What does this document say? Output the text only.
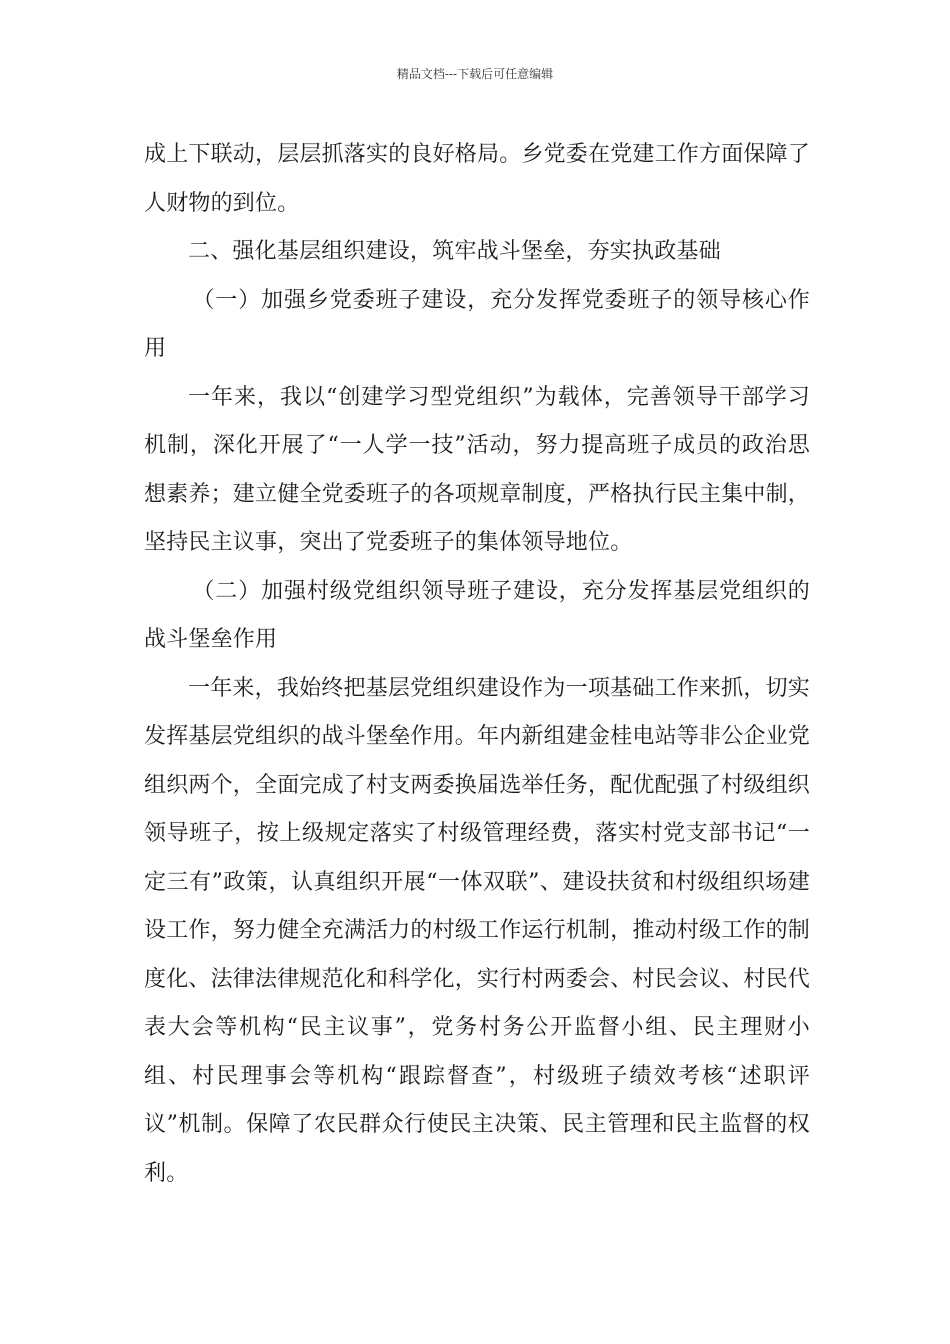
精品文档---下载后可任意编辑

成上下联动，层层抓落实的良好格局。乡党委在党建工作方面保障了人财物的到位。

二、强化基层组织建设，筑牢战斗堡垒，夯实执政基础

（一）加强乡党委班子建设，充分发挥党委班子的领导核心作用

一年来，我以“创建学习型党组织”为载体，完善领导干部学习机制，深化开展了“一人学一技”活动，努力提高班子成员的政治思想素养；建立健全党委班子的各项规章制度，严格执行民主集中制，坚持民主议事，突出了党委班子的集体领导地位。

（二）加强村级党组织领导班子建设，充分发挥基层党组织的战斗堡垒作用

一年来，我始终把基层党组织建设作为一项基础工作来抓，切实发挥基层党组织的战斗堡垒作用。年内新组建金桂电站等非公企业党组织两个，全面完成了村支两委换届选举任务，配优配强了村级组织领导班子，按上级规定落实了村级管理经费，落实村党支部书记“一定三有”政策，认真组织开展“一体双联”、建设扶贫和村级组织场建设工作，努力健全充满活力的村级工作运行机制，推动村级工作的制度化、法律法律规范化和科学化，实行村两委会、村民会议、村民代表大会等机构“民主议事”，党务村务公开监督小组、民主理财小组、村民理事会等机构“跟踪督查”，村级班子绩效考核“述职评议”机制。保障了农民群众行使民主决策、民主管理和民主监督的权利。
